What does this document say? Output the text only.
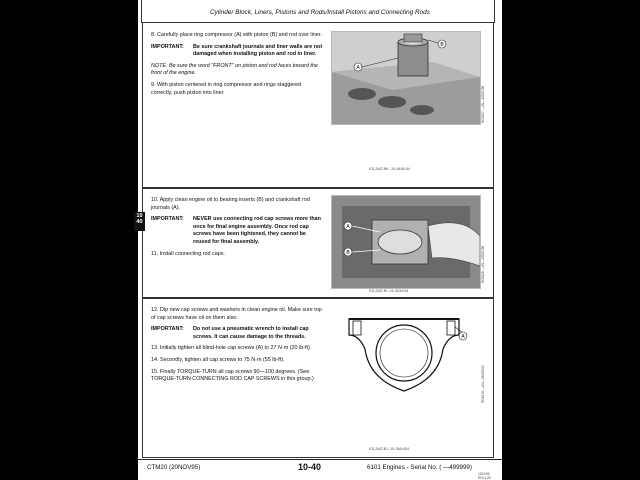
Cylinder Block, Liners, Pistons and Rods/Install Pistons and Connecting Rods

8. Carefully place ring compressor (A) with piston (B) and rod over liner.

IMPORTANT:	Be sure crankshaft journals and liner walls are not damaged when installing piston and rod in liner.

NOTE: Be sure the word "FRONT" on piston and rod faces toward the front of the engine.

9. With piston centered in ring compressor and rings staggered correctly, push piston into liner.

A
B
RG6117 —UN—12DEC88
S11,2402,BH –19–06JUL94

10. Apply clean engine oil to bearing inserts (B) and crankshaft rod journals (A).

IMPORTANT:	NEVER use connecting rod cap screws more than once for final engine assembly. Once rod cap screws have been tightened, they cannot be reused for final assembly.

11. Install connecting rod caps.

A
B	RG6118 —UN—13DEC88
S11,2402,BI –19–06JUL94

12. Dip new cap screws and washers in clean engine oil. Make sure top of cap screws have oil on them also.

IMPORTANT:	Do not use a pneumatic wrench to install cap screws. It can cause damage to the threads.

13. Initially tighten all blind-hole cap screws (A) to 27 N·m (20 lb-ft).

14. Secondly, tighten all cap screws to 75 N·m (55 lb-ft).

15. Finally TORQUE-TURN all cap screws 90—100 degrees. (See TORQUE-TURN CONNECTING ROD CAP SCREWS in this group.)

A
RG6476 —UN—23NOV92
S11,2402,BJ –19–06JUL94
CTM20 (20NOV95)	10-40	6101 Engines - Serial No. ( —499999)
101195
PN=125
10
40
